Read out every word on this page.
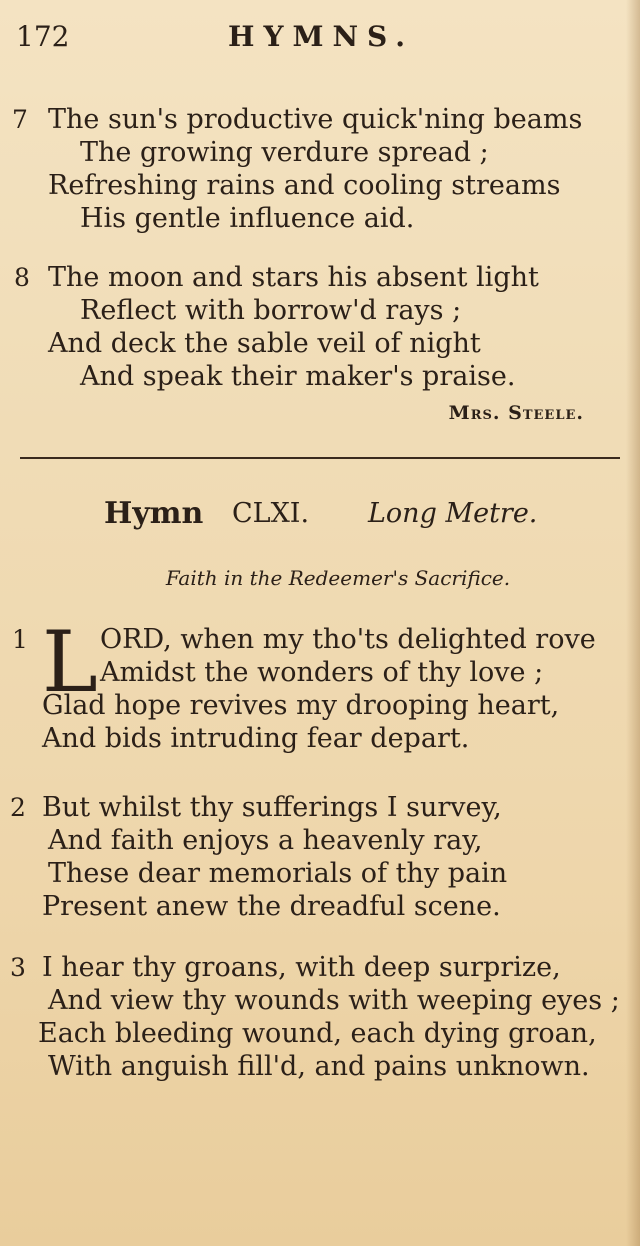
172	HYMNS.
7 The sun's productive quick'ning beams
The growing verdure spread ;
Refreshing rains and cooling streams
His gentle influence aid.
8 The moon and stars his absent light
Reflect with borrow'd rays ;
And deck the sable veil of night
And speak their maker's praise.
Mrs. Steele.
Hymn CLXI. Long Metre.
Faith in the Redeemer's Sacrifice.
1 L ORD, when my tho'ts delighted rove
Amidst the wonders of thy love ;
Glad hope revives my drooping heart,
And bids intruding fear depart.
2 But whilst thy sufferings I survey,
And faith enjoys a heavenly ray,
These dear memorials of thy pain
Present anew the dreadful scene.
3 I hear thy groans, with deep surprize,
And view thy wounds with weeping eyes ;
Each bleeding wound, each dying groan,
With anguish fill'd, and pains unknown.
